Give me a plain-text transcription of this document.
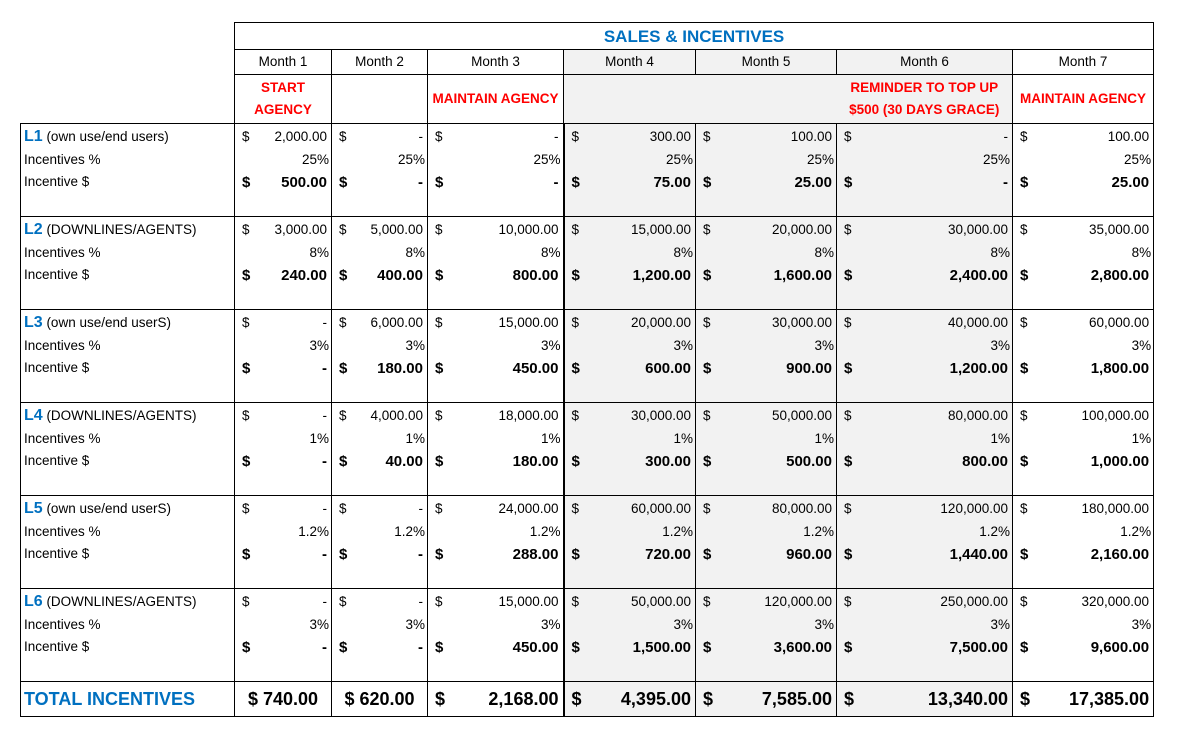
	SALES & INCENTIVES						
	Month 1	Month 2	Month 3	Month 4	Month 5	Month 6	Month 7
	START AGENCY		MAINTAIN AGENCY			REMINDER TO TOP UP $500 (30 DAYS GRACE)	MAINTAIN AGENCY
L1 (own use/end users)	$ 2,000.00	$ -	$ -	$ 300.00	$ 100.00	$ -	$ 100.00

Incentives %	25%	25%	25%	25%	25%	25%	25%
Incentive $	$ 500.00	$ -	$ -	$ 75.00	$ 25.00	$ -	$ 25.00

L2 (DOWNLINES/AGENTS)	$ 3,000.00	$ 5,000.00	$ 10,000.00	$ 15,000.00	$ 20,000.00	$ 30,000.00	$ 35,000.00

Incentives %	8%	8%	8%	8%	8%	8%	8%
Incentive $	$ 240.00	$ 400.00	$ 800.00	$ 1,200.00	$ 1,600.00	$ 2,400.00	$ 2,800.00

L3 (own use/end userS)	$ -	$ 6,000.00	$ 15,000.00	$ 20,000.00	$ 30,000.00	$ 40,000.00	$ 60,000.00

Incentives %	3%	3%	3%	3%	3%	3%	3%
Incentive $	$ -	$ 180.00	$ 450.00	$ 600.00	$ 900.00	$ 1,200.00	$ 1,800.00

L4 (DOWNLINES/AGENTS)	$ -	$ 4,000.00	$ 18,000.00	$ 30,000.00	$ 50,000.00	$ 80,000.00	$ 100,000.00

Incentives %	1%	1%	1%	1%	1%	1%	1%
Incentive $	$ -	$ 40.00	$ 180.00	$ 300.00	$ 500.00	$ 800.00	$ 1,000.00

L5 (own use/end userS)	$ -	$ -	$ 24,000.00	$ 60,000.00	$ 80,000.00	$ 120,000.00	$ 180,000.00

Incentives %	1.2%	1.2%	1.2%	1.2%	1.2%	1.2%	1.2%
Incentive $	$ -	$ -	$ 288.00	$ 720.00	$ 960.00	$ 1,440.00	$ 2,160.00

L6 (DOWNLINES/AGENTS)	$ -	$ -	$ 15,000.00	$ 50,000.00	$ 120,000.00	$ 250,000.00	$ 320,000.00

Incentives %	3%	3%	3%	3%	3%	3%	3%
Incentive $	$ -	$ -	$ 450.00	$ 1,500.00	$ 3,600.00	$ 7,500.00	$ 9,600.00

TOTAL INCENTIVES	$ 740.00	$ 620.00	$ 2,168.00	$ 4,395.00	$ 7,585.00	$ 13,340.00	$ 17,385.00
